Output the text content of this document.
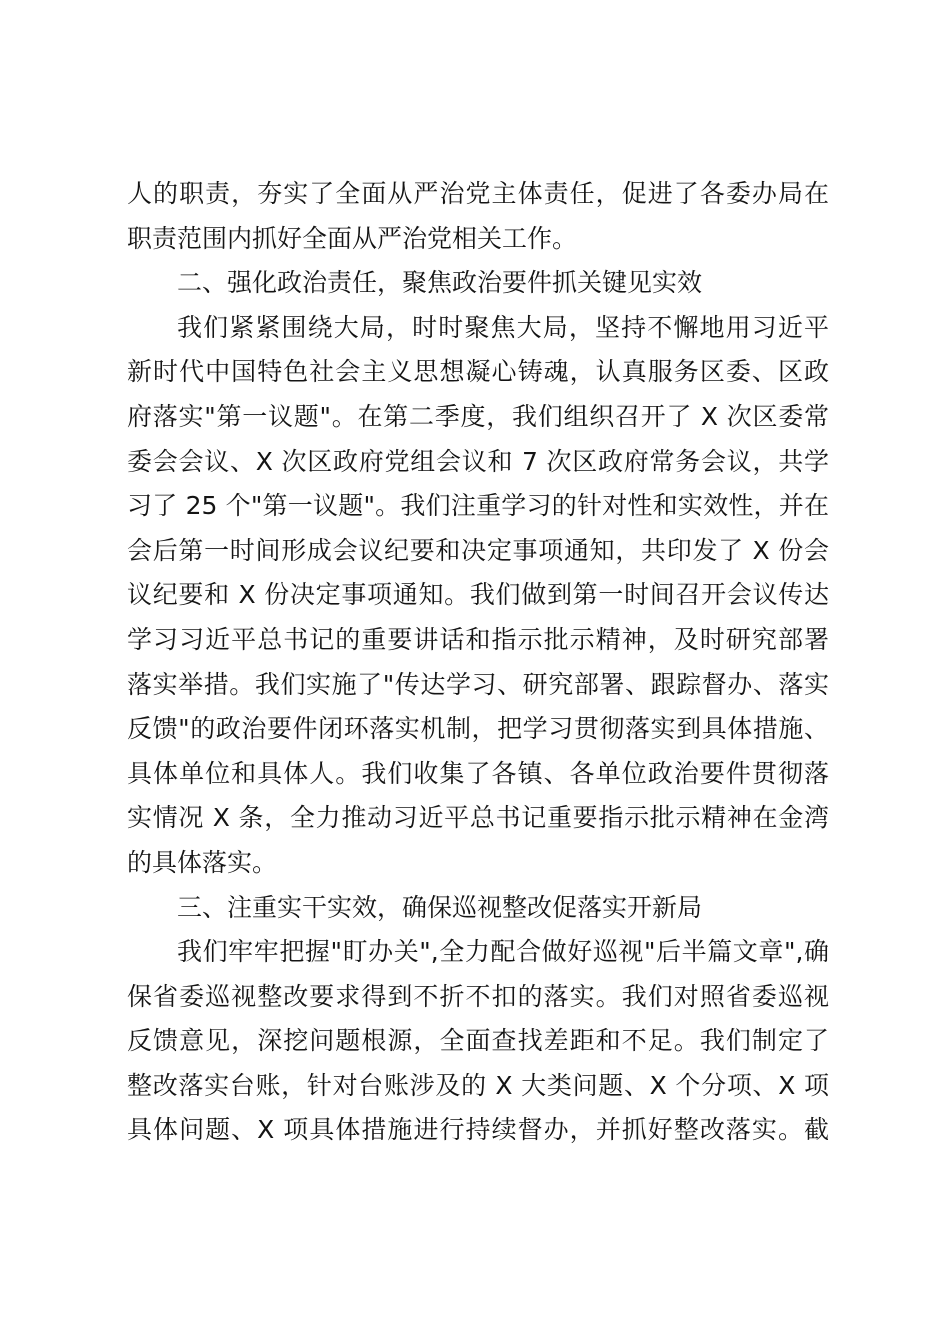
人的职责，夯实了全面从严治党主体责任，促进了各委办局在
职责范围内抓好全面从严治党相关工作。
二、强化政治责任，聚焦政治要件抓关键见实效
我们紧紧围绕大局，时时聚焦大局，坚持不懈地用习近平
新时代中国特色社会主义思想凝心铸魂，认真服务区委、区政
府落实"第一议题"。在第二季度，我们组织召开了 X 次区委常
委会会议、X 次区政府党组会议和 7 次区政府常务会议，共学
习了 25 个"第一议题"。我们注重学习的针对性和实效性，并在
会后第一时间形成会议纪要和决定事项通知，共印发了 X 份会
议纪要和 X 份决定事项通知。我们做到第一时间召开会议传达
学习习近平总书记的重要讲话和指示批示精神，及时研究部署
落实举措。我们实施了"传达学习、研究部署、跟踪督办、落实
反馈"的政治要件闭环落实机制，把学习贯彻落实到具体措施、
具体单位和具体人。我们收集了各镇、各单位政治要件贯彻落
实情况 X 条，全力推动习近平总书记重要指示批示精神在金湾
的具体落实。
三、注重实干实效，确保巡视整改促落实开新局
我们牢牢把握"盯办关",全力配合做好巡视"后半篇文章",确
保省委巡视整改要求得到不折不扣的落实。我们对照省委巡视
反馈意见，深挖问题根源，全面查找差距和不足。我们制定了
整改落实台账，针对台账涉及的 X 大类问题、X 个分项、X 项
具体问题、X 项具体措施进行持续督办，并抓好整改落实。截
